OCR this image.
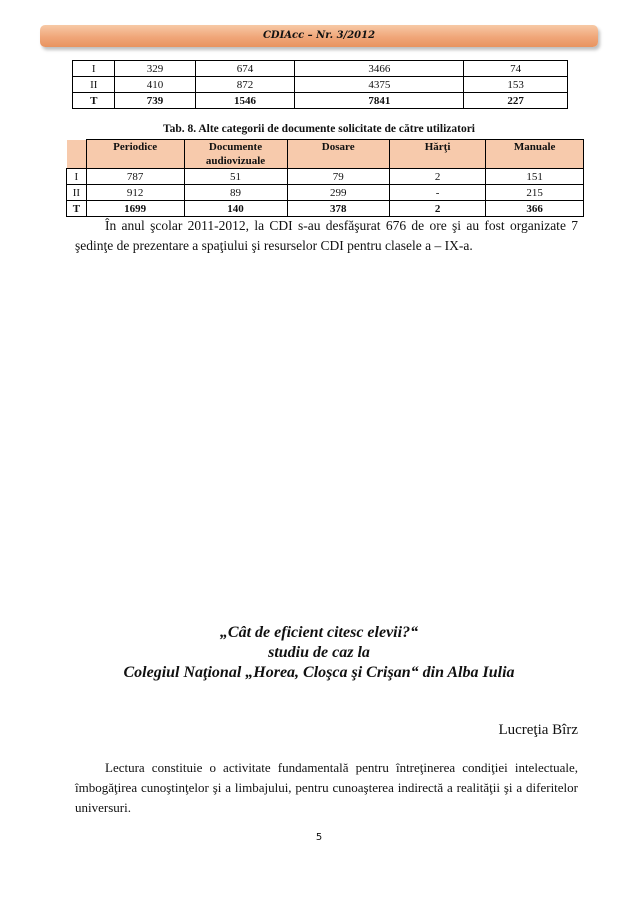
CDIAcc – Nr. 3/2012
I	329	674	3466	74
II	410	872	4375	153
T	739	1546	7841	227
Tab. 8. Alte categorii de documente solicitate de către utilizatori
	Periodice	Documente audiovizuale	Dosare	Hărţi	Manuale
I	787	51	79	2	151
II	912	89	299	-	215
T	1699	140	378	2	366

În anul şcolar 2011-2012, la CDI s-au desfăşurat 676 de ore şi au fost organizate 7 şedinţe de prezentare a spaţiului şi resurselor CDI pentru clasele a – IX-a.

„Cât de eficient citesc elevii?“
studiu de caz la
Colegiul Naţional „Horea, Cloşca şi Crişan“ din Alba Iulia
Lucreţia Bîrz

Lectura constituie o activitate fundamentală pentru întreţinerea condiţiei intelectuale, îmbogăţirea cunoştinţelor şi a limbajului, pentru cunoaşterea indirectă a realităţii şi a diferitelor universuri.

5
